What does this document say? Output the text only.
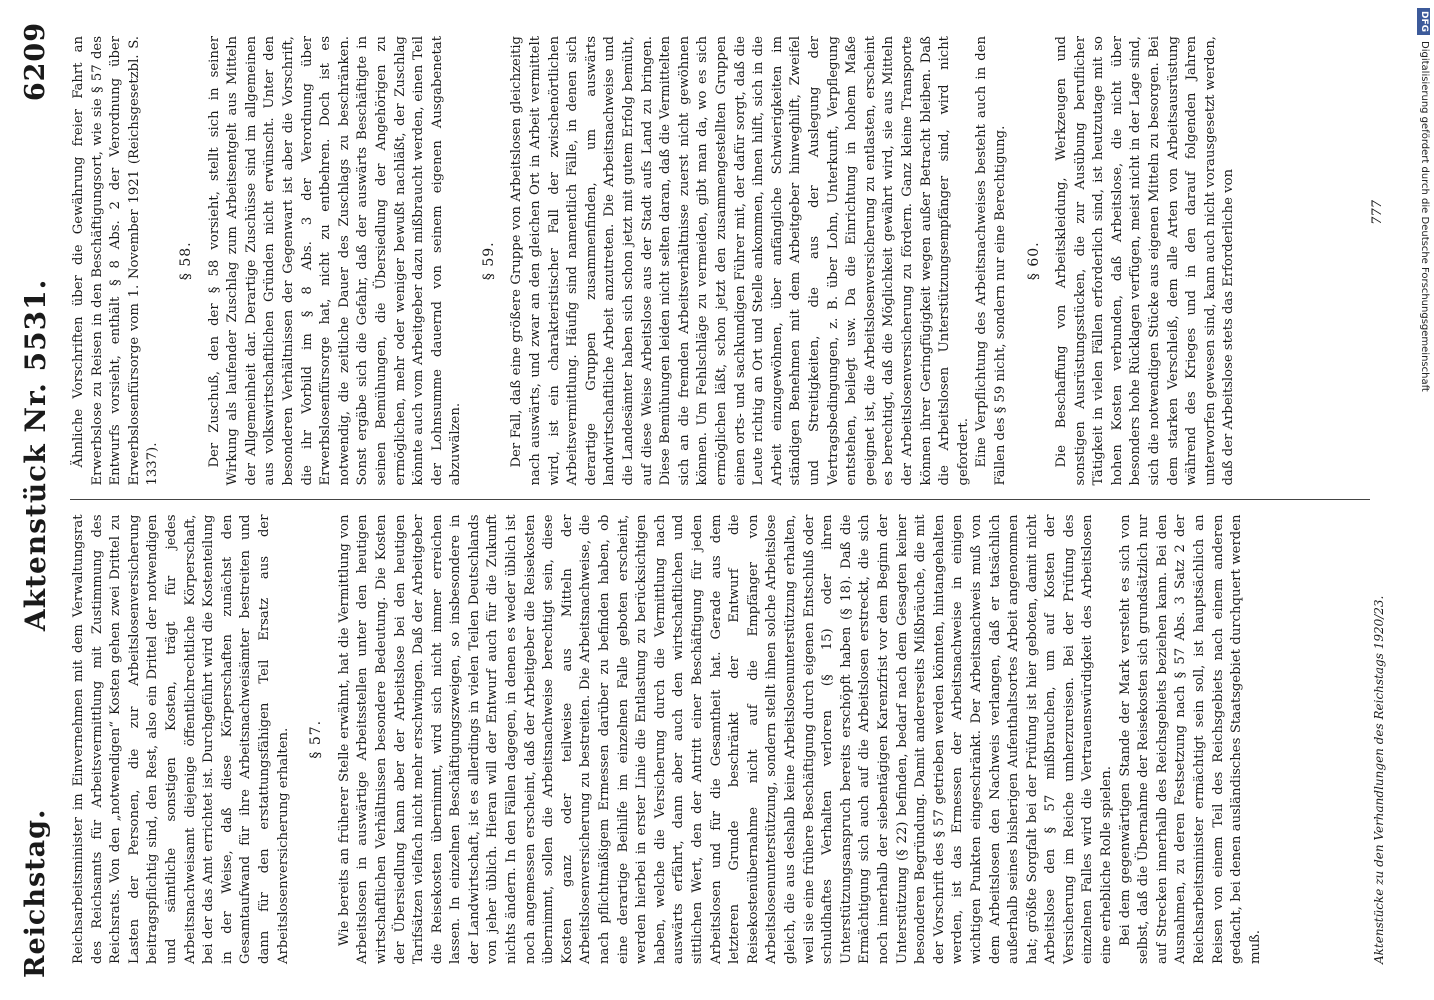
Reichstag.
Aktenstück Nr. 5531.
6209

Reichsarbeitsminister im Einvernehmen mit dem Verwaltungsrat des Reichsamts für Arbeitsvermittlung mit Zustimmung des Reichsrats. Von den „notwendigen“ Kosten gehen zwei Drittel zu Lasten der Personen, die zur Arbeitslosenversicherung beitragspflichtig sind, den Rest, also ein Drittel der notwendigen und sämtliche sonstigen Kosten, trägt für jedes Arbeitsnachweisamt diejenige öffentlichrechtliche Körperschaft, bei der das Amt errichtet ist. Durchgeführt wird die Kostenteilung in der Weise, daß diese Körperschaften zunächst den Gesamtaufwand für ihre Arbeitsnachweisämter bestreiten und dann für den erstattungsfähigen Teil Ersatz aus der Arbeitslosenversicherung erhalten. § 57. Wie bereits an früherer Stelle erwähnt, hat die Vermittlung von Arbeitslosen in auswärtige Arbeitsstellen unter den heutigen wirtschaftlichen Verhältnissen besondere Bedeutung. Die Kosten der Übersiedlung kann aber der Arbeitslose bei den heutigen Tarifsätzen vielfach nicht mehr erschwingen. Daß der Arbeitgeber die Reisekosten übernimmt, wird sich nicht immer erreichen lassen. In einzelnen Beschäftigungszweigen, so insbesondere in der Landwirtschaft, ist es allerdings in vielen Teilen Deutschlands von jeher üblich. Hieran will der Entwurf auch für die Zukunft nichts ändern. In den Fällen dagegen, in denen es weder üblich ist noch angemessen erscheint, daß der Arbeitgeber die Reisekosten übernimmt, sollen die Arbeitsnachweise berechtigt sein, diese Kosten ganz oder teilweise aus Mitteln der Arbeitslosenversicherung zu bestreiten. Die Arbeitsnachweise, die nach pflichtmäßigem Ermessen darüber zu befinden haben, ob eine derartige Beihilfe im einzelnen Falle geboten erscheint, werden hierbei in erster Linie die Entlastung zu berücksichtigen haben, welche die Versicherung durch die Vermittlung nach auswärts erfährt, dann aber auch den wirtschaftlichen und sittlichen Wert, den der Antritt einer Beschäftigung für jeden Arbeitslosen und für die Gesamtheit hat. Gerade aus dem letzteren Grunde beschränkt der Entwurf die Reisekostenübernahme nicht auf die Empfänger von Arbeitslosenunterstützung, sondern stellt ihnen solche Arbeitslose gleich, die aus deshalb keine Arbeitslosenunterstützung erhalten, weil sie eine frühere Beschäftigung durch eigenen Entschluß oder schuldhaftes Verhalten verloren (§ 15) oder ihren Unterstützungsanspruch bereits erschöpft haben (§ 18). Daß die Ermächtigung sich auch auf die Arbeitslosen erstreckt, die sich noch innerhalb der siebentägigen Karenzfrist vor dem Beginn der Unterstützung (§ 22) befinden, bedarf nach dem Gesagten keiner besonderen Begründung. Damit andererseits Mißbräuche, die mit der Vorschrift des § 57 getrieben werden könnten, hintangehalten werden, ist das Ermessen der Arbeitsnachweise in einigen wichtigen Punkten eingeschränkt. Der Arbeitsnachweis muß von dem Arbeitslosen den Nachweis verlangen, daß er tatsächlich außerhalb seines bisherigen Aufenthaltsortes Arbeit angenommen hat; größte Sorgfalt bei der Prüfung ist hier geboten, damit nicht Arbeitslose den § 57 mißbrauchen, um auf Kosten der Versicherung im Reiche umherzureisen. Bei der Prüfung des einzelnen Falles wird die Vertrauenswürdigkeit des Arbeitslosen eine erhebliche Rolle spielen. Bei dem gegenwärtigen Stande der Mark versteht es sich von selbst, daß die Übernahme der Reisekosten sich grundsätzlich nur auf Strecken innerhalb des Reichsgebiets beziehen kann. Bei den Ausnahmen, zu deren Festsetzung nach § 57 Abs. 3 Satz 2 der Reichsarbeitsminister ermächtigt sein soll, ist hauptsächlich an Reisen von einem Teil des Reichsgebiets nach einem anderen gedacht, bei denen ausländisches Staatsgebiet durchquert werden muß.

Ähnliche Vorschriften über die Gewährung freier Fahrt an Erwerbslose zu Reisen in den Beschäftigungsort, wie sie § 57 des Entwurfs vorsieht, enthält § 8 Abs. 2 der Verordnung über Erwerbslosenfürsorge vom 1. November 1921 (Reichsgesetzbl. S. 1337).

§ 58. Der Zuschuß, den der § 58 vorsieht, stellt sich in seiner Wirkung als laufender Zuschlag zum Arbeitsentgelt aus Mitteln der Allgemeinheit dar. Derartige Zuschüsse sind im allgemeinen aus volkswirtschaftlichen Gründen nicht erwünscht. Unter den besonderen Verhältnissen der Gegenwart ist aber die Vorschrift, die ihr Vorbild im § 8 Abs. 3 der Verordnung über Erwerbslosenfürsorge hat, nicht zu entbehren. Doch ist es notwendig, die zeitliche Dauer des Zuschlags zu beschränken. Sonst ergäbe sich die Gefahr, daß der auswärts Beschäftigte in seinen Bemühungen, die Übersiedlung der Angehörigen zu ermöglichen, mehr oder weniger bewußt nachläßt, der Zuschlag könnte auch vom Arbeitgeber dazu mißbraucht werden, einen Teil der Lohnsumme dauernd von seinem eigenen Ausgabenetat abzuwälzen.

§ 59. Der Fall, daß eine größere Gruppe von Arbeitslosen gleichzeitig nach auswärts, und zwar an den gleichen Ort in Arbeit vermittelt wird, ist ein charakteristischer Fall der zwischenörtlichen Arbeitsvermittlung. Häufig sind namentlich Fälle, in denen sich derartige Gruppen zusammenfinden, um auswärts landwirtschaftliche Arbeit anzutreten. Die Arbeitsnachweise und die Landesämter haben sich schon jetzt mit gutem Erfolg bemüht, auf diese Weise Arbeitslose aus der Stadt aufs Land zu bringen. Diese Bemühungen leiden nicht selten daran, daß die Vermittelten sich an die fremden Arbeitsverhältnisse zuerst nicht gewöhnen können. Um Fehlschläge zu vermeiden, gibt man da, wo es sich ermöglichen läßt, schon jetzt den zusammengestellten Gruppen einen orts- und sachkundigen Führer mit, der dafür sorgt, daß die Leute richtig an Ort und Stelle ankommen, ihnen hilft, sich in die Arbeit einzugewöhnen, über anfängliche Schwierigkeiten im ständigen Benehmen mit dem Arbeitgeber hinweghilft, Zweifel und Streitigkeiten, die aus der Auslegung der Vertragsbedingungen, z. B. über Lohn, Unterkunft, Verpflegung entstehen, beilegt usw. Da die Einrichtung in hohem Maße geeignet ist, die Arbeitslosenversicherung zu entlasten, erscheint es berechtigt, daß die Möglichkeit gewährt wird, sie aus Mitteln der Arbeitslosenversicherung zu fördern. Ganz kleine Transporte können ihrer Geringfügigkeit wegen außer Betracht bleiben. Daß die Arbeitslosen Unterstützungsempfänger sind, wird nicht gefordert. Eine Verpflichtung des Arbeitsnachweises besteht auch in den Fällen des § 59 nicht, sondern nur eine Berechtigung. § 60. Die Beschaffung von Arbeitskleidung, Werkzeugen und sonstigen Ausrüstungsstücken, die zur Ausübung beruflicher Tätigkeit in vielen Fällen erforderlich sind, ist heutzutage mit so hohen Kosten verbunden, daß Arbeitslose, die nicht über besonders hohe Rücklagen verfügen, meist nicht in der Lage sind, sich die notwendigen Stücke aus eigenen Mitteln zu besorgen. Bei dem starken Verschleiß, dem alle Arten von Arbeitsausrüstung während des Krieges und in den darauf folgenden Jahren unterworfen gewesen sind, kann auch nicht vorausgesetzt werden, daß der Arbeitslose stets das Erforderliche von

Aktenstücke zu den Verhandlungen des Reichstags 1920/23.
777
DFG
Digitalisierung gefördert durch die Deutsche Forschungsgemeinschaft
